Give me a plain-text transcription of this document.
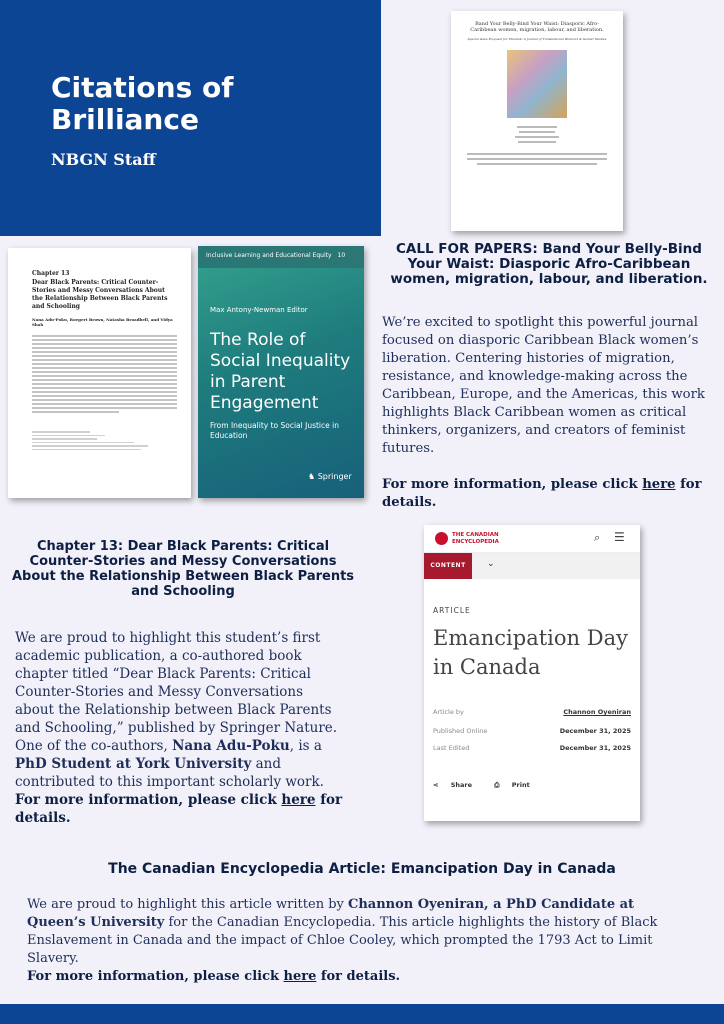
Citations of Brilliance
NBGN Staff
Band Your Belly-Bind Your Waist: Diasporic Afro-Caribbean women, migration, labour, and liberation.
Special Issue Proposal for: Pluralsk: A Journal of Transnational Women's & Gender Studies
Chapter 13
Dear Black Parents: Critical Counter-Stories and Messy Conversations About the Relationship Between Black Parents and Schooling
Nana Adu-Poku, Roegert Brown, Natasha Broadbell, and Vidya Shah
Inclusive Learning and Educational Equity 10
Max Antony-Newman Editor
The Role of Social Inequality in Parent Engagement
From Inequality to Social Justice in Education
♞ Springer
CALL FOR PAPERS: Band Your Belly-Bind Your Waist: Diasporic Afro-Caribbean women, migration, labour, and liberation.
We’re excited to spotlight this powerful journal focused on diasporic Caribbean Black women’s liberation. Centering histories of migration, resistance, and knowledge-making across the Caribbean, Europe, and the Americas, this work highlights Black Caribbean women as critical thinkers, organizers, and creators of feminist futures.
For more information, please click here for details.
Chapter 13: Dear Black Parents: Critical Counter-Stories and Messy Conversations About the Relationship Between Black Parents and Schooling
We are proud to highlight this student’s first academic publication, a co-authored book chapter titled “Dear Black Parents: Critical Counter-Stories and Messy Conversations about the Relationship between Black Parents and Schooling,” published by Springer Nature. One of the co-authors, Nana Adu-Poku, is a PhD Student at York University and contributed to this important scholarly work.
For more information, please click here for details.
THE CANADIAN
ENCYCLOPEDIA	⌕ ☰
CONTENT	⌄
ARTICLE
Emancipation Day in Canada
Article by	Channon Oyeniran
Published Online	December 31, 2025
Last Edited	December 31, 2025
⋖ Share	⎙ Print
The Canadian Encyclopedia Article: Emancipation Day in Canada
We are proud to highlight this article written by Channon Oyeniran, a PhD Candidate at Queen’s University for the Canadian Encyclopedia. This article highlights the history of Black Enslavement in Canada and the impact of Chloe Cooley, which prompted the 1793 Act to Limit Slavery.
For more information, please click here for details.
